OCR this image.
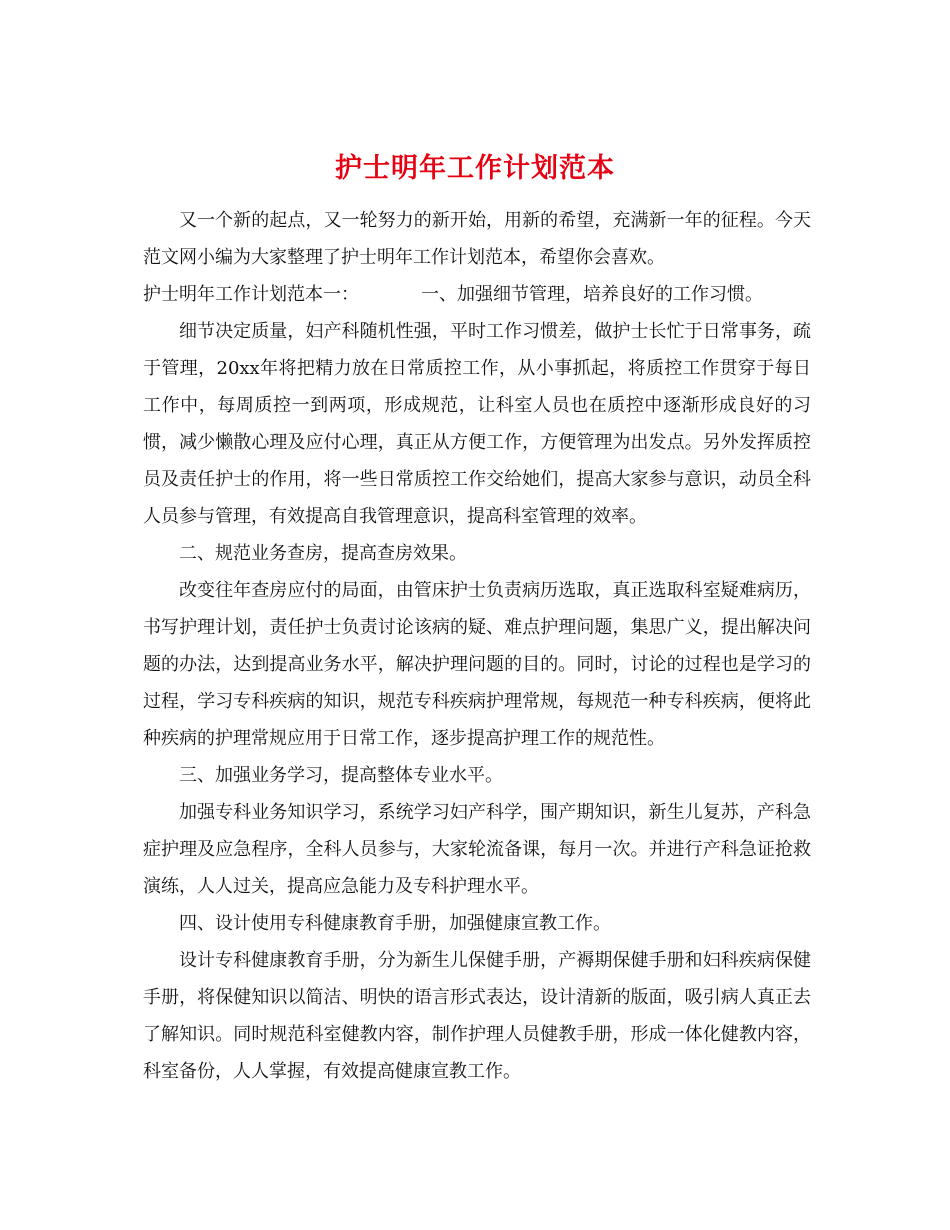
护士明年工作计划范本

又一个新的起点，又一轮努力的新开始，用新的希望，充满新一年的征程。今天范文网小编为大家整理了护士明年工作计划范本，希望你会喜欢。

护士明年工作计划范本一：	一、加强细节管理，培养良好的工作习惯。

细节决定质量，妇产科随机性强，平时工作习惯差，做护士长忙于日常事务，疏于管理，20xx年将把精力放在日常质控工作，从小事抓起，将质控工作贯穿于每日工作中，每周质控一到两项，形成规范，让科室人员也在质控中逐渐形成良好的习惯，减少懒散心理及应付心理，真正从方便工作，方便管理为出发点。另外发挥质控员及责任护士的作用，将一些日常质控工作交给她们，提高大家参与意识，动员全科人员参与管理，有效提高自我管理意识，提高科室管理的效率。

二、规范业务查房，提高查房效果。

改变往年查房应付的局面，由管床护士负责病历选取，真正选取科室疑难病历，书写护理计划，责任护士负责讨论该病的疑、难点护理问题，集思广义，提出解决问题的办法，达到提高业务水平，解决护理问题的目的。同时，讨论的过程也是学习的过程，学习专科疾病的知识，规范专科疾病护理常规，每规范一种专科疾病，便将此种疾病的护理常规应用于日常工作，逐步提高护理工作的规范性。

三、加强业务学习，提高整体专业水平。

加强专科业务知识学习，系统学习妇产科学，围产期知识，新生儿复苏，产科急症护理及应急程序，全科人员参与，大家轮流备课，每月一次。并进行产科急证抢救演练，人人过关，提高应急能力及专科护理水平。

四、设计使用专科健康教育手册，加强健康宣教工作。

设计专科健康教育手册，分为新生儿保健手册，产褥期保健手册和妇科疾病保健手册，将保健知识以简洁、明快的语言形式表达，设计清新的版面，吸引病人真正去了解知识。同时规范科室健教内容，制作护理人员健教手册，形成一体化健教内容，科室备份，人人掌握，有效提高健康宣教工作。
